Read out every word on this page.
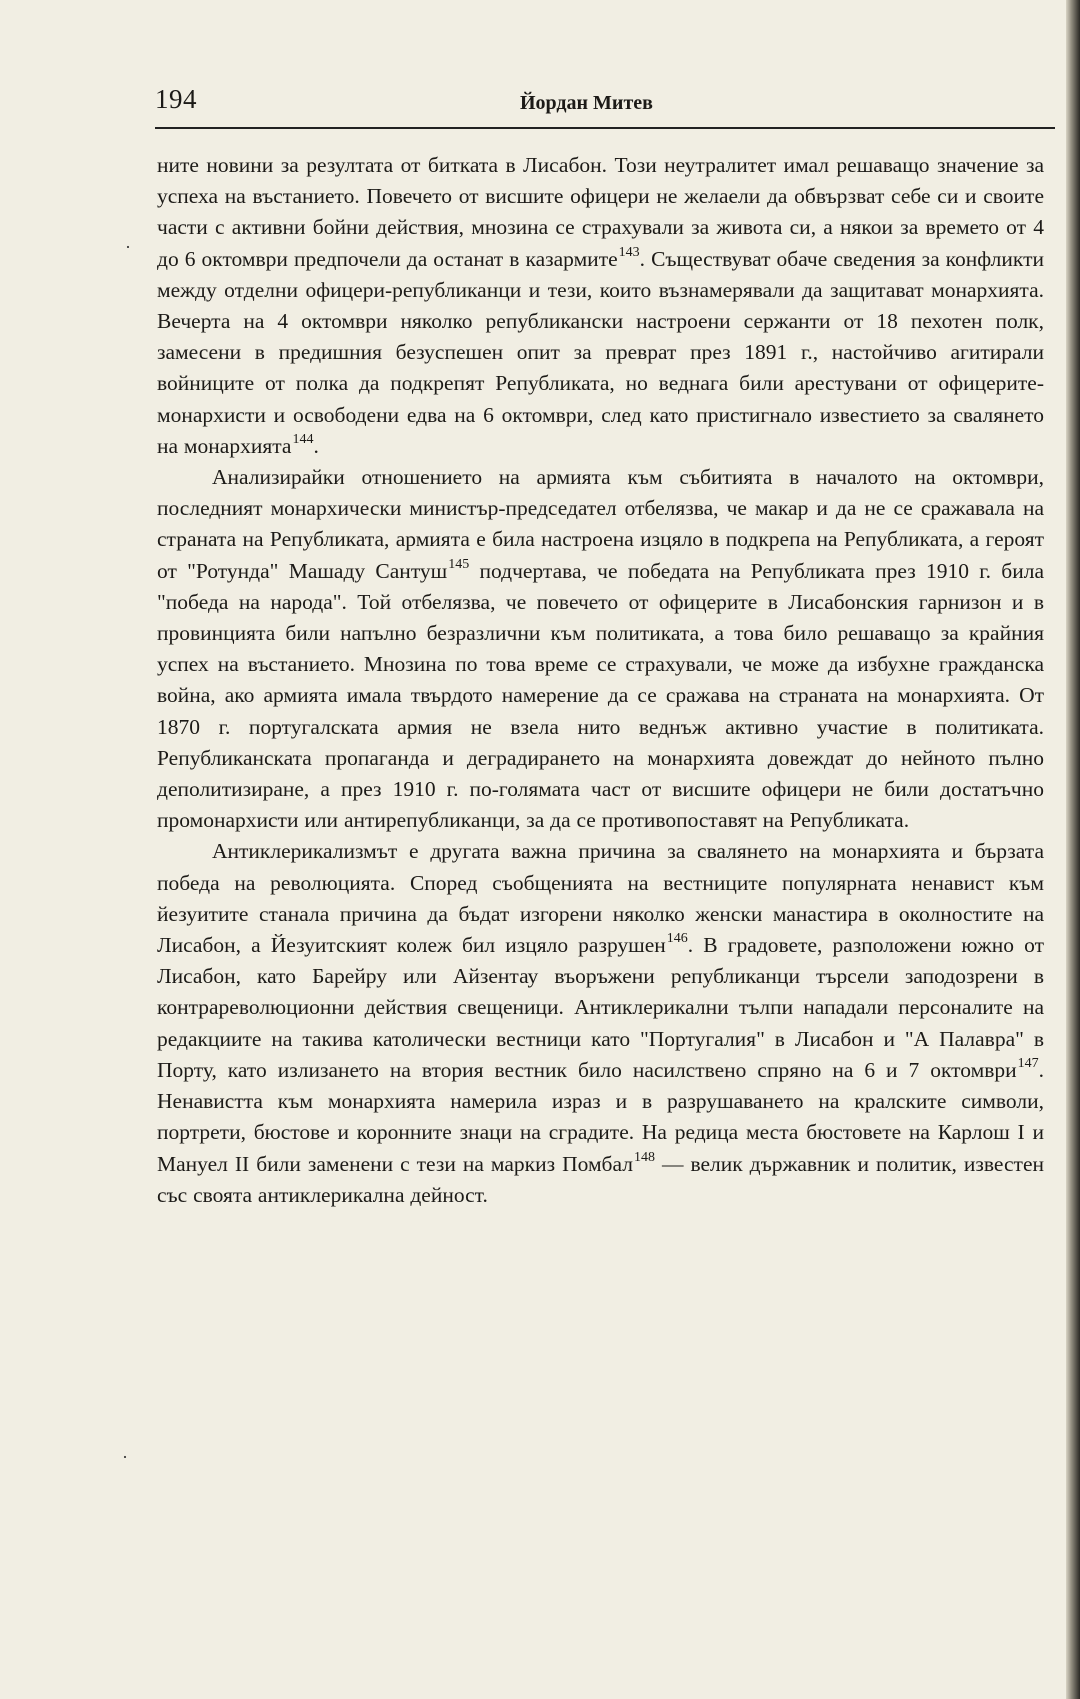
194	Йордан Митев
·
·

ните новини за резултата от битката в Лисабон. Този неутралитет имал решаващо значение за успеха на въстанието. Повечето от висшите офицери не желаели да обвързват себе си и своите части с активни бойни действия, мнозина се страхували за живота си, а някои за времето от 4 до 6 октомври предпочели да останат в казармите$^{143}$. Съществуват обаче сведения за конфликти между отделни офицери-републиканци и тези, които възнамерявали да защитават монархията. Вечерта на 4 октомври няколко републикански настроени сержанти от 18 пехотен полк, замесени в предишния безуспешен опит за преврат през 1891 г., настойчиво агитирали войниците от полка да подкрепят Републиката, но веднага били арестувани от офицерите-монархисти и освободени едва на 6 октомври, след като пристигнало известието за свалянето на монархията$^{144}$.

Анализирайки отношението на армията към събитията в началото на октомври, последният монархически министър-председател отбелязва, че макар и да не се сражавала на страната на Републиката, армията е била настроена изцяло в подкрепа на Републиката, а героят от "Ротунда" Машаду Сантуш$^{145}$ подчертава, че победата на Републиката през 1910 г. била "победа на народа". Той отбелязва, че повечето от офицерите в Лисабонския гарнизон и в провинцията били напълно безразлични към политиката, а това било решаващо за крайния успех на въстанието. Мнозина по това време се страхували, че може да избухне гражданска война, ако армията имала твърдото намерение да се сражава на страната на монархията. От 1870 г. португалската армия не взела нито веднъж активно участие в политиката. Републиканската пропаганда и деградирането на монархията довеждат до нейното пълно деполитизиране, а през 1910 г. по-голямата част от висшите офицери не били достатъчно промонархисти или антирепубликанци, за да се противопоставят на Републиката.

Антиклерикализмът е другата важна причина за свалянето на монархията и бързата победа на революцията. Според съобщенията на вестниците популярната ненавист към йезуитите станала причина да бъдат изгорени няколко женски манастира в околностите на Лисабон, а Йезуитският колеж бил изцяло разрушен$^{146}$. В градовете, разположени южно от Лисабон, като Барейру или Айзентау въоръжени републиканци търсели заподозрени в контрареволюционни действия свещеници. Антиклерикални тълпи нападали персоналите на редакциите на такива католически вестници като "Португалия" в Лисабон и "А Палавра" в Порту, като излизането на втория вестник било насилствено спряно на 6 и 7 октомври$^{147}$. Ненавистта към монархията намерила израз и в разрушаването на кралските символи, портрети, бюстове и коронните знаци на сградите. На редица места бюстовете на Карлош I и Мануел II били заменени с тези на маркиз Помбал$^{148}$ — велик държавник и политик, известен със своята антиклерикална дейност.
